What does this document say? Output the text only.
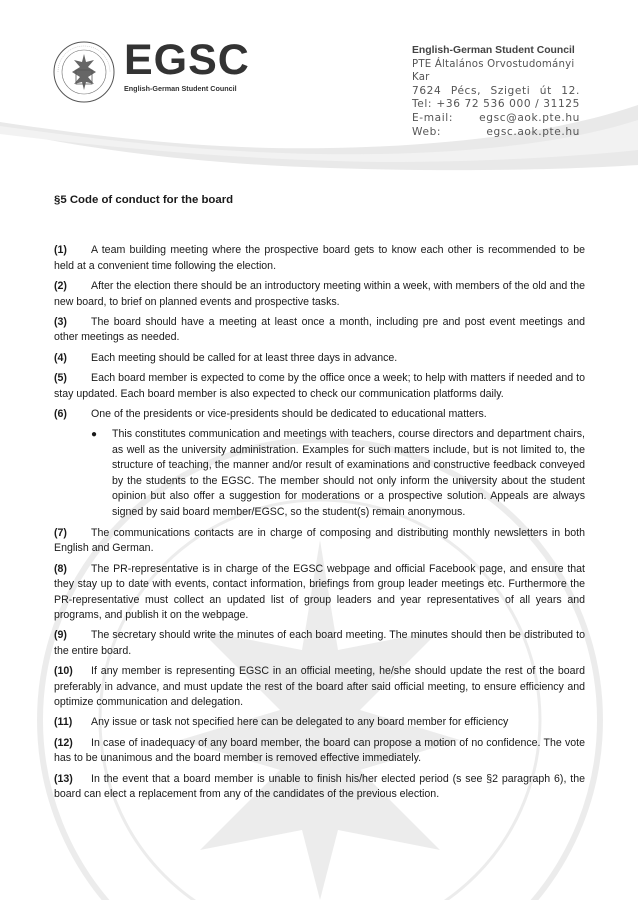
EGSC
English-German Student Council
English-German Student Council
PTE Általános Orvostudományi Kar
7624 Pécs, Szigeti út 12.
Tel: +36 72 536 000 / 31125
E-mail: egsc@aok.pte.hu
Web:	egsc.aok.pte.hu
§5 Code of conduct for the board

(1) A team building meeting where the prospective board gets to know each other is recommended to be held at a convenient time following the election.

(2) After the election there should be an introductory meeting within a week, with members of the old and the new board, to brief on planned events and prospective tasks.

(3) The board should have a meeting at least once a month, including pre and post event meetings and other meetings as needed.

(4) Each meeting should be called for at least three days in advance.

(5) Each board member is expected to come by the office once a week; to help with matters if needed and to stay updated. Each board member is also expected to check our communication platforms daily.

(6) One of the presidents or vice-presidents should be dedicated to educational matters.

● This constitutes communication and meetings with teachers, course directors and department chairs, as well as the university administration. Examples for such matters include, but is not limited to, the structure of teaching, the manner and/or result of examinations and constructive feedback conveyed by the students to the EGSC. The member should not only inform the university about the student opinion but also offer a suggestion for moderations or a prospective solution. Appeals are always signed by said board member/EGSC, so the student(s) remain anonymous.

(7) The communications contacts are in charge of composing and distributing monthly newsletters in both English and German.

(8) The PR-representative is in charge of the EGSC webpage and official Facebook page, and ensure that they stay up to date with events, contact information, briefings from group leader meetings etc. Furthermore the PR-representative must collect an updated list of group leaders and year representatives of all years and programs, and publish it on the webpage.

(9) The secretary should write the minutes of each board meeting. The minutes should then be distributed to the entire board.

(10) If any member is representing EGSC in an official meeting, he/she should update the rest of the board preferably in advance, and must update the rest of the board after said official meeting, to ensure efficiency and optimize communication and delegation.

(11) Any issue or task not specified here can be delegated to any board member for efficiency

(12) In case of inadequacy of any board member, the board can propose a motion of no confidence. The vote has to be unanimous and the board member is removed effective immediately.

(13) In the event that a board member is unable to finish his/her elected period (s see §2 paragraph 6), the board can elect a replacement from any of the candidates of the previous election.
